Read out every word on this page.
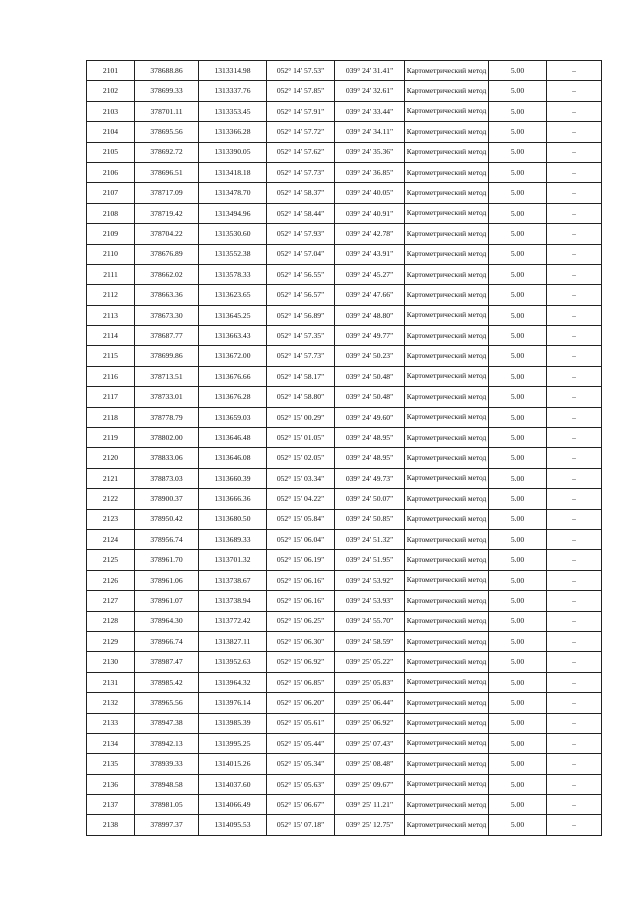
2101	378688.86	1313314.98	052° 14' 57.53"	039° 24' 31.41"	Картометрический метод	5.00	–
2102	378699.33	1313337.76	052° 14' 57.85"	039° 24' 32.61"	Картометрический метод	5.00	–
2103	378701.11	1313353.45	052° 14' 57.91"	039° 24' 33.44"	Картометрический метод	5.00	–
2104	378695.56	1313366.28	052° 14' 57.72"	039° 24' 34.11"	Картометрический метод	5.00	–
2105	378692.72	1313390.05	052° 14' 57.62"	039° 24' 35.36"	Картометрический метод	5.00	–
2106	378696.51	1313418.18	052° 14' 57.73"	039° 24' 36.85"	Картометрический метод	5.00	–
2107	378717.09	1313478.70	052° 14' 58.37"	039° 24' 40.05"	Картометрический метод	5.00	–
2108	378719.42	1313494.96	052° 14' 58.44"	039° 24' 40.91"	Картометрический метод	5.00	–
2109	378704.22	1313530.60	052° 14' 57.93"	039° 24' 42.78"	Картометрический метод	5.00	–
2110	378676.89	1313552.38	052° 14' 57.04"	039° 24' 43.91"	Картометрический метод	5.00	–
2111	378662.02	1313578.33	052° 14' 56.55"	039° 24' 45.27"	Картометрический метод	5.00	–
2112	378663.36	1313623.65	052° 14' 56.57"	039° 24' 47.66"	Картометрический метод	5.00	–
2113	378673.30	1313645.25	052° 14' 56.89"	039° 24' 48.80"	Картометрический метод	5.00	–
2114	378687.77	1313663.43	052° 14' 57.35"	039° 24' 49.77"	Картометрический метод	5.00	–
2115	378699.86	1313672.00	052° 14' 57.73"	039° 24' 50.23"	Картометрический метод	5.00	–
2116	378713.51	1313676.66	052° 14' 58.17"	039° 24' 50.48"	Картометрический метод	5.00	–
2117	378733.01	1313676.28	052° 14' 58.80"	039° 24' 50.48"	Картометрический метод	5.00	–
2118	378778.79	1313659.03	052° 15' 00.29"	039° 24' 49.60"	Картометрический метод	5.00	–
2119	378802.00	1313646.48	052° 15' 01.05"	039° 24' 48.95"	Картометрический метод	5.00	–
2120	378833.06	1313646.08	052° 15' 02.05"	039° 24' 48.95"	Картометрический метод	5.00	–
2121	378873.03	1313660.39	052° 15' 03.34"	039° 24' 49.73"	Картометрический метод	5.00	–
2122	378900.37	1313666.36	052° 15' 04.22"	039° 24' 50.07"	Картометрический метод	5.00	–
2123	378950.42	1313680.50	052° 15' 05.84"	039° 24' 50.85"	Картометрический метод	5.00	–
2124	378956.74	1313689.33	052° 15' 06.04"	039° 24' 51.32"	Картометрический метод	5.00	–
2125	378961.70	1313701.32	052° 15' 06.19"	039° 24' 51.95"	Картометрический метод	5.00	–
2126	378961.06	1313738.67	052° 15' 06.16"	039° 24' 53.92"	Картометрический метод	5.00	–
2127	378961.07	1313738.94	052° 15' 06.16"	039° 24' 53.93"	Картометрический метод	5.00	–
2128	378964.30	1313772.42	052° 15' 06.25"	039° 24' 55.70"	Картометрический метод	5.00	–
2129	378966.74	1313827.11	052° 15' 06.30"	039° 24' 58.59"	Картометрический метод	5.00	–
2130	378987.47	1313952.63	052° 15' 06.92"	039° 25' 05.22"	Картометрический метод	5.00	–
2131	378985.42	1313964.32	052° 15' 06.85"	039° 25' 05.83"	Картометрический метод	5.00	–
2132	378965.56	1313976.14	052° 15' 06.20"	039° 25' 06.44"	Картометрический метод	5.00	–
2133	378947.38	1313985.39	052° 15' 05.61"	039° 25' 06.92"	Картометрический метод	5.00	–
2134	378942.13	1313995.25	052° 15' 05.44"	039° 25' 07.43"	Картометрический метод	5.00	–
2135	378939.33	1314015.26	052° 15' 05.34"	039° 25' 08.48"	Картометрический метод	5.00	–
2136	378948.58	1314037.60	052° 15' 05.63"	039° 25' 09.67"	Картометрический метод	5.00	–
2137	378981.05	1314066.49	052° 15' 06.67"	039° 25' 11.21"	Картометрический метод	5.00	–
2138	378997.37	1314095.53	052° 15' 07.18"	039° 25' 12.75"	Картометрический метод	5.00	–
